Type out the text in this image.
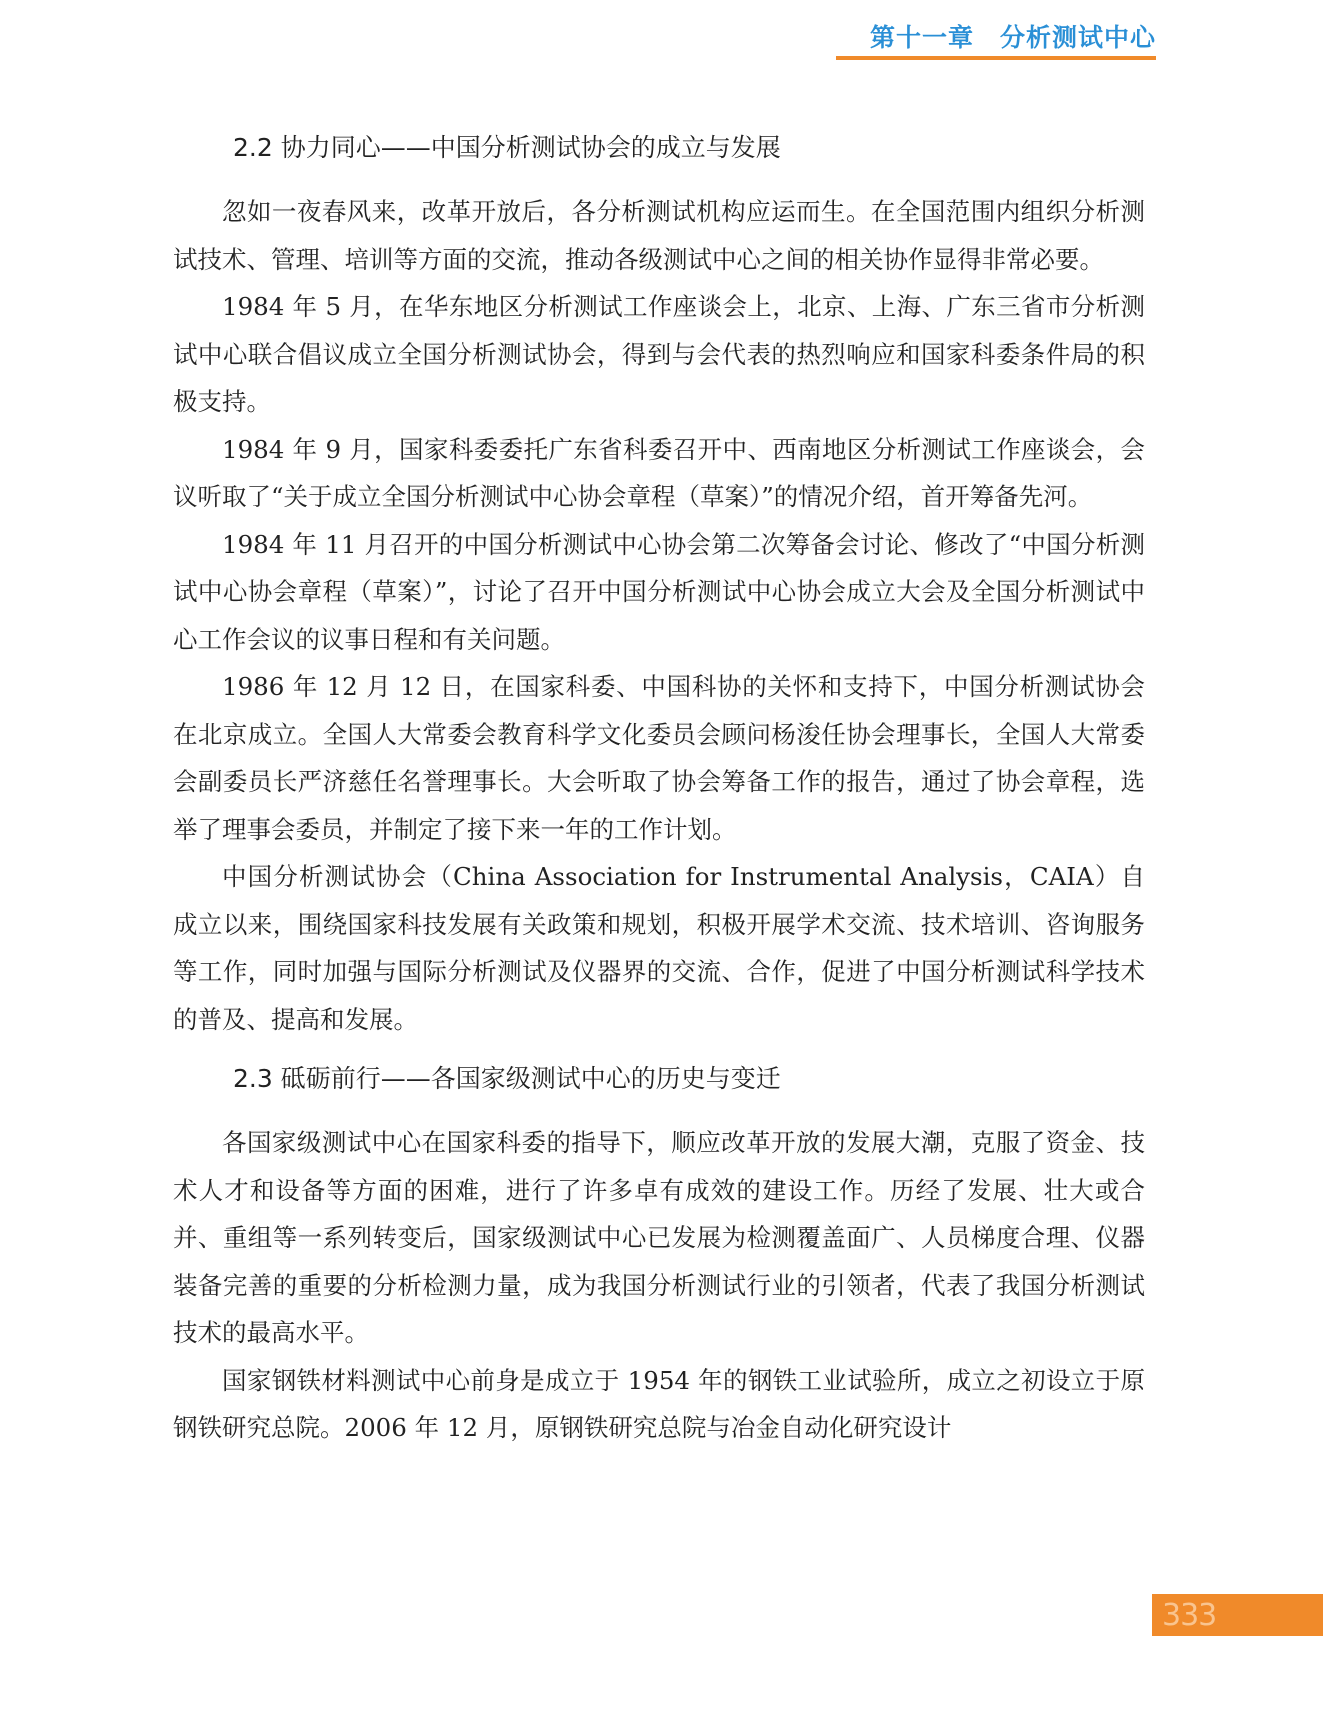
第十一章 分析测试中心
2.2 协力同心——中国分析测试协会的成立与发展

忽如一夜春风来，改革开放后，各分析测试机构应运而生。在全国范围内组织分析测试技术、管理、培训等方面的交流，推动各级测试中心之间的相关协作显得非常必要。

1984 年 5 月，在华东地区分析测试工作座谈会上，北京、上海、广东三省市分析测试中心联合倡议成立全国分析测试协会，得到与会代表的热烈响应和国家科委条件局的积极支持。

1984 年 9 月，国家科委委托广东省科委召开中、西南地区分析测试工作座谈会，会议听取了“关于成立全国分析测试中心协会章程（草案）”的情况介绍，首开筹备先河。

1984 年 11 月召开的中国分析测试中心协会第二次筹备会讨论、修改了“中国分析测试中心协会章程（草案）”，讨论了召开中国分析测试中心协会成立大会及全国分析测试中心工作会议的议事日程和有关问题。

1986 年 12 月 12 日，在国家科委、中国科协的关怀和支持下，中国分析测试协会在北京成立。全国人大常委会教育科学文化委员会顾问杨浚任协会理事长，全国人大常委会副委员长严济慈任名誉理事长。大会听取了协会筹备工作的报告，通过了协会章程，选举了理事会委员，并制定了接下来一年的工作计划。

中国分析测试协会（China Association for Instrumental Analysis，CAIA）自成立以来，围绕国家科技发展有关政策和规划，积极开展学术交流、技术培训、咨询服务等工作，同时加强与国际分析测试及仪器界的交流、合作，促进了中国分析测试科学技术的普及、提高和发展。

2.3 砥砺前行——各国家级测试中心的历史与变迁

各国家级测试中心在国家科委的指导下，顺应改革开放的发展大潮，克服了资金、技术人才和设备等方面的困难，进行了许多卓有成效的建设工作。历经了发展、壮大或合并、重组等一系列转变后，国家级测试中心已发展为检测覆盖面广、人员梯度合理、仪器装备完善的重要的分析检测力量，成为我国分析测试行业的引领者，代表了我国分析测试技术的最高水平。

国家钢铁材料测试中心前身是成立于 1954 年的钢铁工业试验所，成立之初设立于原钢铁研究总院。2006 年 12 月，原钢铁研究总院与冶金自动化研究设计

333
